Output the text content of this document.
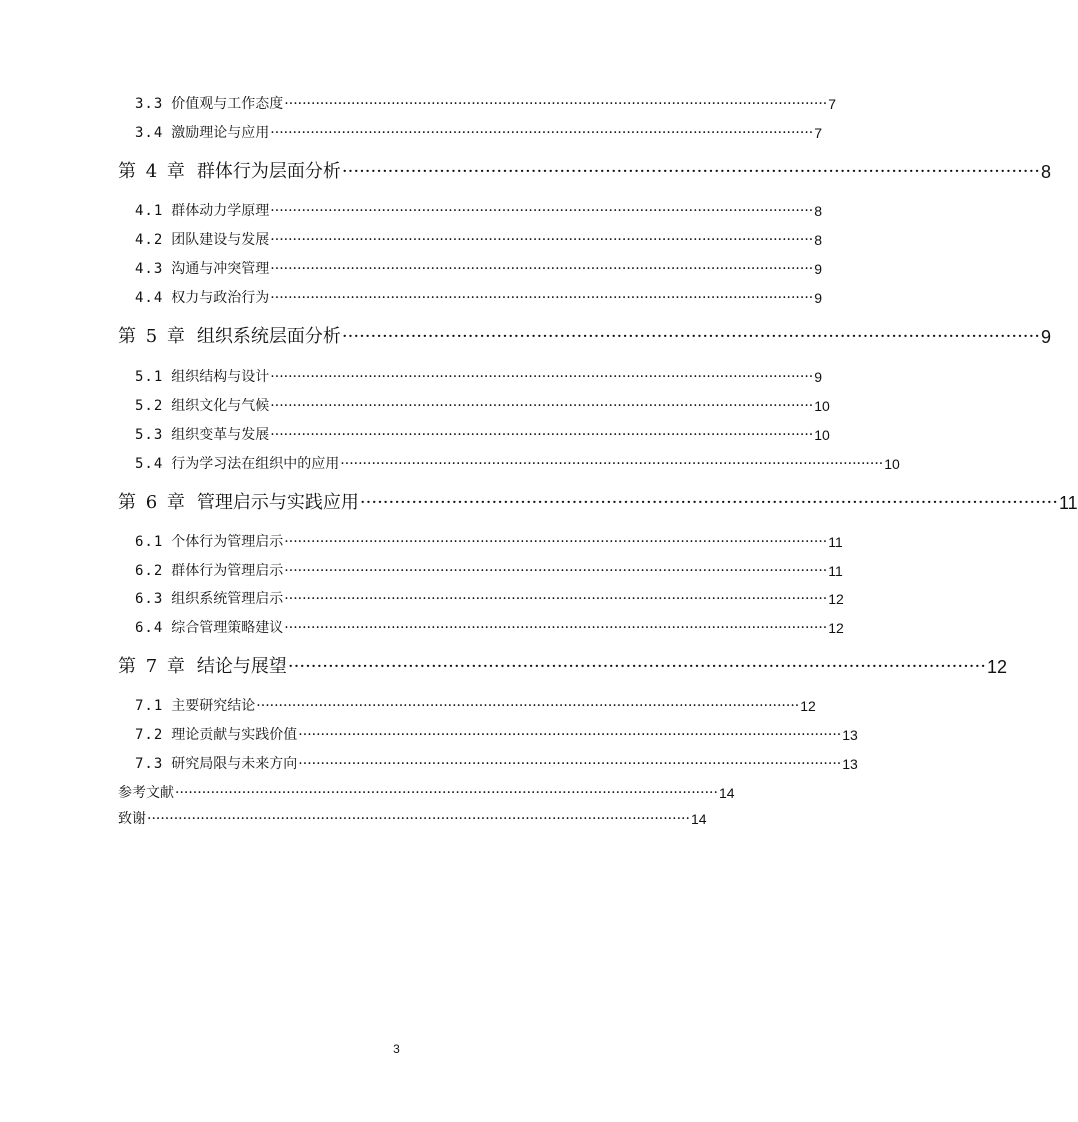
3.3 价值观与工作态度 ·························································································································· 7
3.4 激励理论与应用 ·························································································································· 7
第 4 章 群体行为层面分析 ·························································································································· 8
4.1 群体动力学原理 ·························································································································· 8
4.2 团队建设与发展 ·························································································································· 8
4.3 沟通与冲突管理 ·························································································································· 9
4.4 权力与政治行为 ·························································································································· 9
第 5 章 组织系统层面分析 ·························································································································· 9
5.1 组织结构与设计 ·························································································································· 9
5.2 组织文化与气候 ·························································································································· 10
5.3 组织变革与发展 ·························································································································· 10
5.4 行为学习法在组织中的应用 ·························································································································· 10
第 6 章 管理启示与实践应用 ·························································································································· 11
6.1 个体行为管理启示 ·························································································································· 11
6.2 群体行为管理启示 ·························································································································· 11
6.3 组织系统管理启示 ·························································································································· 12
6.4 综合管理策略建议 ·························································································································· 12
第 7 章 结论与展望 ·························································································································· 12
7.1 主要研究结论 ·························································································································· 12
7.2 理论贡献与实践价值 ·························································································································· 13
7.3 研究局限与未来方向 ·························································································································· 13
参考文献 ·························································································································· 14
致谢 ·························································································································· 14
3
